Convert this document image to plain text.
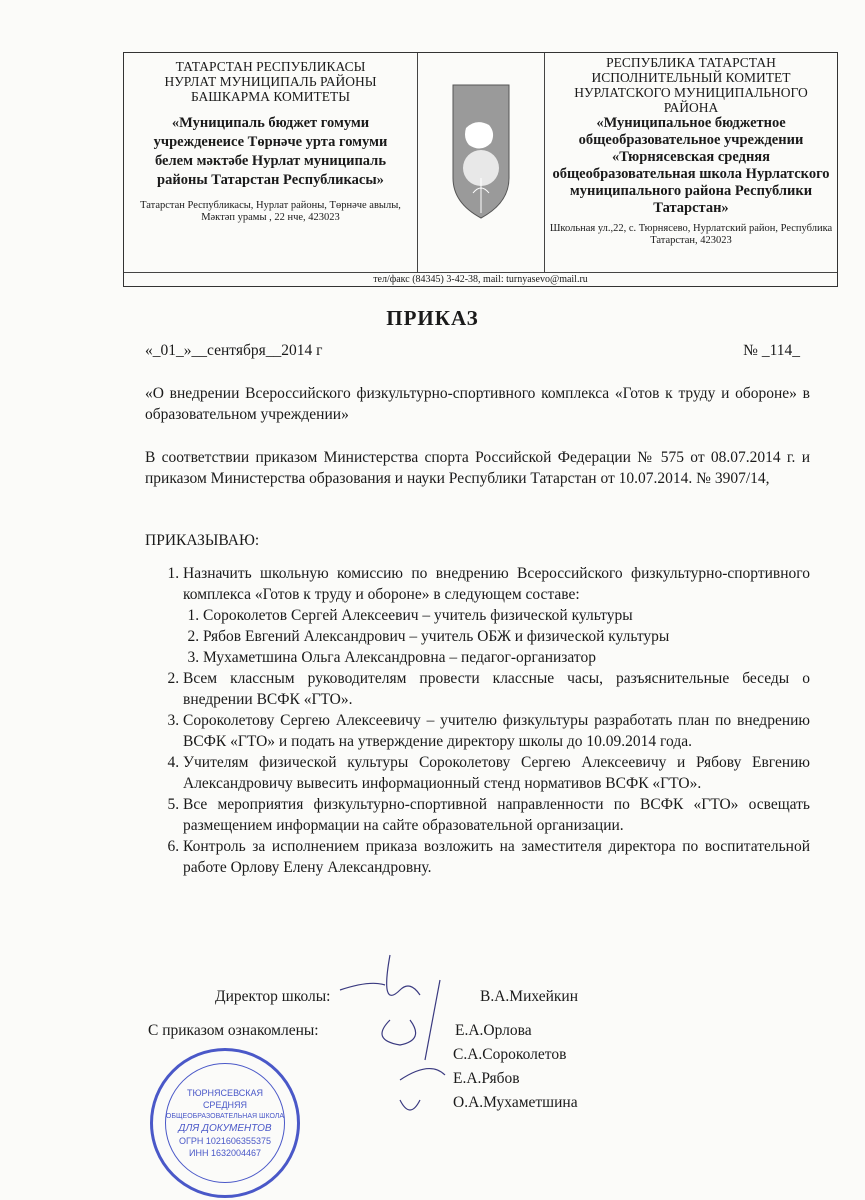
ТАТАРСТАН РЕСПУБЛИКАСЫ
НУРЛАТ МУНИЦИПАЛЬ РАЙОНЫ
БАШКАРМА КОМИТЕТЫ
«Муниципаль бюджет гомуми учрежденеисе Төрнәче урта гомуми белем мәктәбе Нурлат муниципаль районы Татарстан Республикасы»
Татарстан Республикасы, Нурлат районы, Төрнәче авылы, Мәктәп урамы , 22 нче, 423023
РЕСПУБЛИКА ТАТАРСТАН
ИСПОЛНИТЕЛЬНЫЙ КОМИТЕТ
НУРЛАТСКОГО МУНИЦИПАЛЬНОГО
РАЙОНА
«Муниципальное бюджетное общеобразовательное учреждении «Тюрнясевская средняя общеобразовательная школа Нурлатского муниципального района Республики Татарстан»
Школьная ул.,22, с. Тюрнясево, Нурлатский район, Республика Татарстан, 423023
тел/факс (84345) 3-42-38, mail: turnyasevo@mail.ru
ПРИКАЗ
«_01_»__сентября__2014 г	№ _114_
«О внедрении Всероссийского физкультурно-спортивного комплекса «Готов к труду и обороне» в образовательном учреждении»
В соответствии приказом Министерства спорта Российской Федерации № 575 от 08.07.2014 г. и приказом Министерства образования и науки Республики Татарстан от 10.07.2014. № 3907/14,
ПРИКАЗЫВАЮ:
1. Назначить школьную комиссию по внедрению Всероссийского физкультурно-спортивного комплекса «Готов к труду и обороне» в следующем составе:
1. Сороколетов Сергей Алексеевич – учитель физической культуры
2. Рябов Евгений Александрович – учитель ОБЖ и физической культуры
3. Мухаметшина Ольга Александровна – педагог-организатор
2. Всем классным руководителям провести классные часы, разъяснительные беседы о внедрении ВСФК «ГТО».
3. Сороколетову Сергею Алексеевичу – учителю физкультуры разработать план по внедрению ВСФК «ГТО» и подать на утверждение директору школы до 10.09.2014 года.
4. Учителям физической культуры Сороколетову Сергею Алексеевичу и Рябову Евгению Александровичу вывесить информационный стенд нормативов ВСФК «ГТО».
5. Все мероприятия физкультурно-спортивной направленности по ВСФК «ГТО» освещать размещением информации на сайте образовательной организации.
6. Контроль за исполнением приказа возложить на заместителя директора по воспитательной работе Орлову Елену Александровну.
ТЮРНЯСЕВСКАЯ
СРЕДНЯЯ
ОБЩЕОБРАЗОВАТЕЛЬНАЯ ШКОЛА
ДЛЯ ДОКУМЕНТОВ
ОГРН 1021606355375
ИНН 1632004467
Директор школы:	В.А.Михейкин
С приказом ознакомлены:	Е.А.Орлова
С.А.Сороколетов
Е.А.Рябов
О.А.Мухаметшина
